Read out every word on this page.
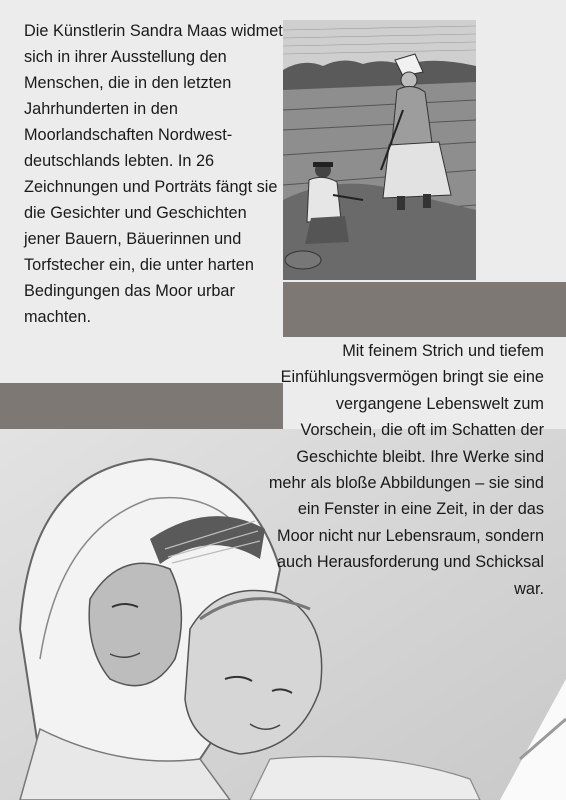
Die Künstlerin Sandra Maas widmet sich in ihrer Ausstellung den Menschen, die in den letzten Jahrhunderten in den Moorlandschaften Nordwest-deutschlands lebten. In 26 Zeichnungen und Porträts fängt sie die Gesichter und Geschichten jener Bauern, Bäuerinnen und Torfstecher ein, die unter harten Bedingungen das Moor urbar machten.

Mit feinem Strich und tiefem Einfühlungsvermögen bringt sie eine vergangene Lebenswelt zum Vorschein, die oft im Schatten der Geschichte bleibt. Ihre Werke sind mehr als bloße Abbildungen – sie sind ein Fenster in eine Zeit, in der das Moor nicht nur Lebensraum, sondern auch Herausforderung und Schicksal war.
